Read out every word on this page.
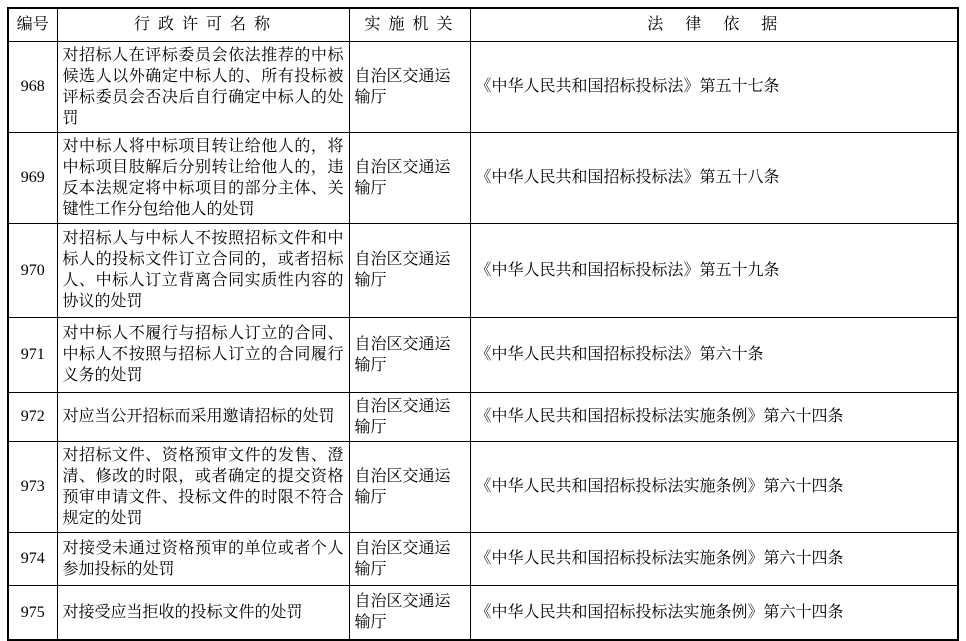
编号	行 政 许 可 名 称	实 施 机 关	法　律　依　据
968	对招标人在评标委员会依法推荐的中标候选人以外确定中标人的、所有投标被评标委员会否决后自行确定中标人的处罚	自治区交通运输厅	《中华人民共和国招标投标法》第五十七条
969	对中标人将中标项目转让给他人的，将中标项目肢解后分别转让给他人的，违反本法规定将中标项目的部分主体、关键性工作分包给他人的处罚	自治区交通运输厅	《中华人民共和国招标投标法》第五十八条
970	对招标人与中标人不按照招标文件和中标人的投标文件订立合同的，或者招标人、中标人订立背离合同实质性内容的协议的处罚	自治区交通运输厅	《中华人民共和国招标投标法》第五十九条
971	对中标人不履行与招标人订立的合同、中标人不按照与招标人订立的合同履行义务的处罚	自治区交通运输厅	《中华人民共和国招标投标法》第六十条
972	对应当公开招标而采用邀请招标的处罚	自治区交通运输厅	《中华人民共和国招标投标法实施条例》第六十四条
973	对招标文件、资格预审文件的发售、澄清、修改的时限，或者确定的提交资格预审申请文件、投标文件的时限不符合规定的处罚	自治区交通运输厅	《中华人民共和国招标投标法实施条例》第六十四条
974	对接受未通过资格预审的单位或者个人参加投标的处罚	自治区交通运输厅	《中华人民共和国招标投标法实施条例》第六十四条
975	对接受应当拒收的投标文件的处罚	自治区交通运输厅	《中华人民共和国招标投标法实施条例》第六十四条
